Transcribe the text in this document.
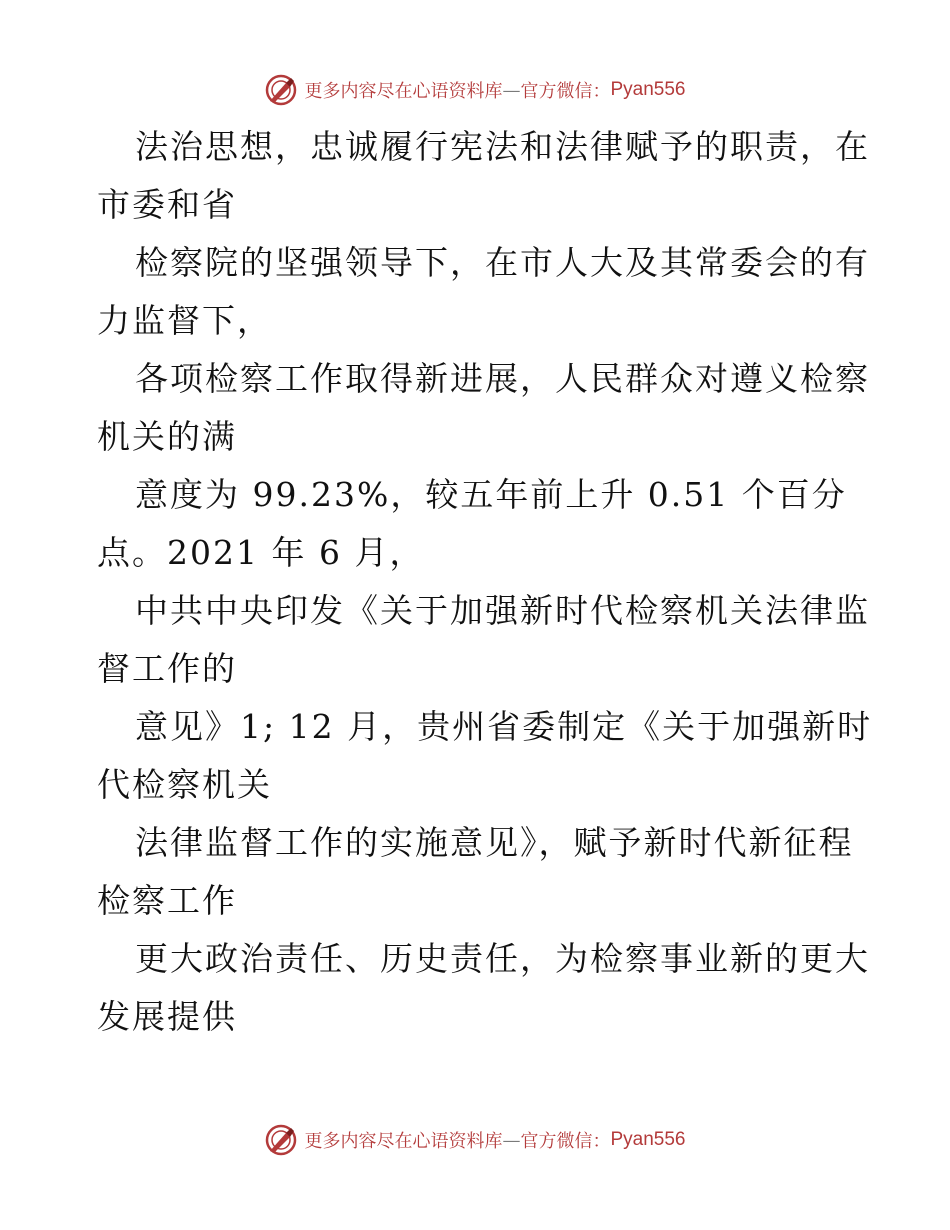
更多内容尽在心语资料库 — 官方微信： Pyan556
法治思想，忠诚履行宪法和法律赋予的职责，在
市委和省
检察院的坚强领导下，在市人大及其常委会的有
力监督下，
各项检察工作取得新进展，人民群众对遵义检察
机关的满
意度为 99.23%，较五年前上升 0.51 个百分
点。2021 年 6 月，
中共中央印发《关于加强新时代检察机关法律监
督工作的
意见》1; 12 月，贵州省委制定《关于加强新时
代检察机关
法律监督工作的实施意见》，赋予新时代新征程
检察工作
更大政治责任、历史责任，为检察事业新的更大
发展提供
更多内容尽在心语资料库 — 官方微信： Pyan556
